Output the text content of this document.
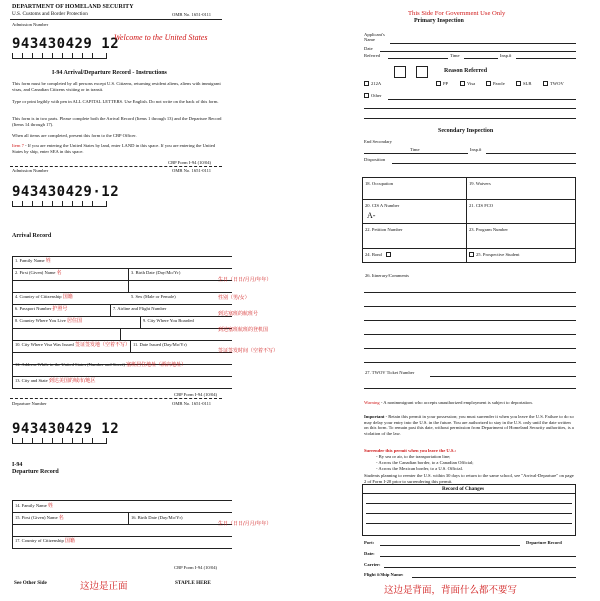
DEPARTMENT OF HOMELAND SECURITY
U.S. Customs and Border Protection	OMB No. 1651-0111
Admission Number
943430429 12
Welcome to the United States
I-94 Arrival/Departure Record - Instructions
This form must be completed by all persons except U.S. Citizens, returning resident aliens, aliens with immigrant visas, and Canadian Citizens visiting or in transit.
Type or print legibly with pen in ALL CAPITAL LETTERS. Use English. Do not write on the back of this form.
This form is in two parts. Please complete both the Arrival Record (Items 1 through 13) and the Departure Record (Items 14 through 17).
When all items are completed, present this form to the CBP Officer.
Item 7 - If you are entering the United States by land, enter LAND in this space. If you are entering the United States by ship, enter SEA in this space.
CBP Form I-94 (10/04)
Admission Number	OMB No. 1651-0111
943430429·12
Arrival Record
1. Family Name 姓
2. First (Given) Name 名	3. Birth Date (Day/Mo/Yr)
生日（日日/月月/年年）
4. Country of Citizenship 国籍	5. Sex (Male or Female)	性别（男/女）
6. Passport Number 护照号	7. Airline and Flight Number
到达塞班的航班号
8. Country Where You Live 居住国	9. City Where You Boarded
到达塞班航班的登机国
10. City Where Visa Was Issued 签证签发地（空着不写） 11. Date Issued (Day/Mo/Yr)
签证签发时间（空着不写）
12. Address While in the United States (Number and Street) 塞班居住地址（酒店地址）
13. City and State 到达美国的城市/地区
CBP Form I-94 (10/04)
Departure Number	OMB No. 1651-0111
943430429 12
I-94
Departure Record
14. Family Name 姓
15. First (Given) Name 名	16. Birth Date (Day/Mo/Yr)
生日（日日/月月/年年）
17. Country of Citizenship 国籍
CBP Form I-94 (10/04)
See Other Side	这边是正面	STAPLE HERE
This Side For Government Use Only
Primary Inspection
Applicant's Name
Date
Referred	Time	Insp.#
Reason Referred
212A	PP	Visa	Parole	SLB	TWOV
Other
Secondary Inspection
End Secondary
Time	Insp.#
Disposition
18. Occupation	19. Waivers
20. CIS A Number
A-
21. CIS FCO
22. Petition Number	23. Program Number
24. Bond	25. Prospective Student
26. Itinerary/Comments
27. TWOV Ticket Number
Warning - A nonimmigrant who accepts unauthorized employment is subject to deportation.
Important - Retain this permit in your possession; you must surrender it when you leave the U.S. Failure to do so may delay your entry into the U.S. in the future. You are authorized to stay in the U.S. only until the date written on this form. To remain past this date, without permission from Department of Homeland Security authorities, is a violation of the law.
Surrender this permit when you leave the U.S.:
- By sea or air, to the transportation line;
- Across the Canadian border, to a Canadian Official;
- Across the Mexican border, to a U.S. Official.
Students planning to reenter the U.S. within 30 days to return to the same school, see "Arrival-Departure" on page 2 of Form I-20 prior to surrendering this permit.
Record of Changes
Port:	Departure Record
Date:
Carrier:
Flight #/Ship Name:
这边是背面，背面什么都不要写
